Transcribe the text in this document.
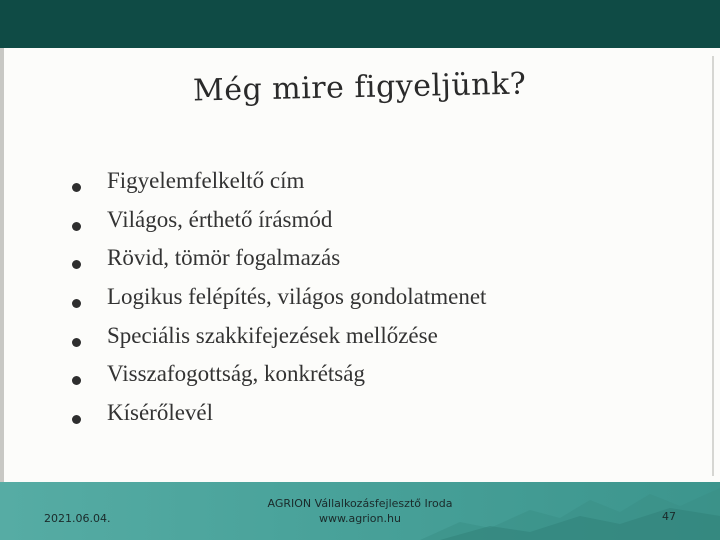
Még mire figyeljünk?
Figyelemfelkeltő cím
Világos, érthető írásmód
Rövid, tömör fogalmazás
Logikus felépítés, világos gondolatmenet
Speciális szakkifejezések mellőzése
Visszafogottság, konkrétság
Kísérőlevél
2021.06.04.
AGRION Vállalkozásfejlesztő Iroda
www.agrion.hu	47
